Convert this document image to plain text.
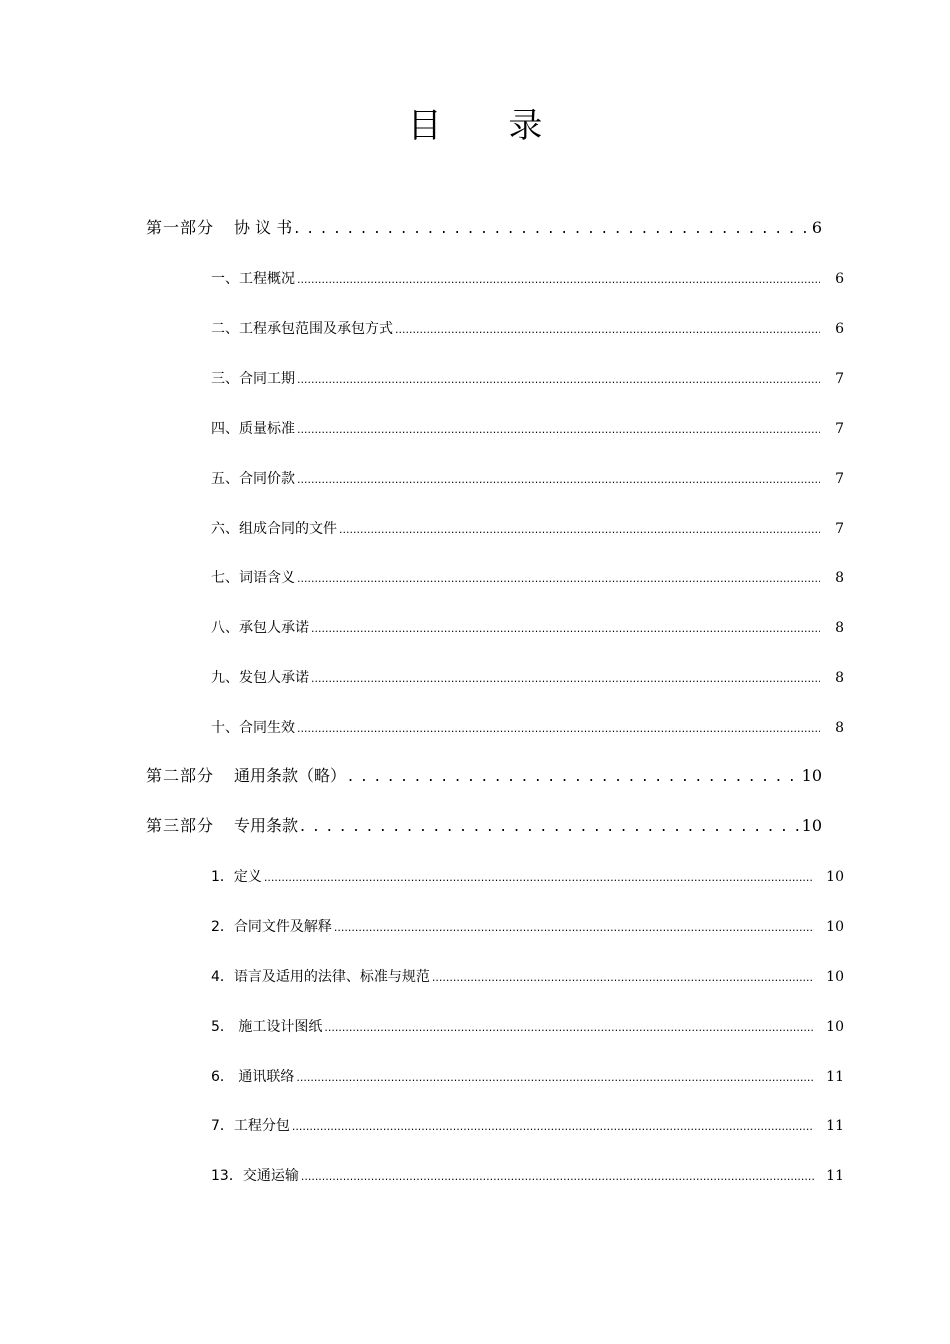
目 录
第一部分 协 议 书 . . .	6
一、工程概况 .....	6
二、工程承包范围及承包方式 .....	6
三、合同工期 .....	7
四、质量标准 .....	7
五、合同价款 .....	7
六、组成合同的文件 .....	7
七、词语含义 .....	8
八、承包人承诺 .....	8
九、发包人承诺 .....	8
十、合同生效 .....	8
第二部分 通用条款（略） . . .	10
第三部分 专用条款 . . .	10
1．定义 .....	10
2．合同文件及解释 .....	10
4．语言及适用的法律、标准与规范 .....	10
5． 施工设计图纸 .....	10
6． 通讯联络 .....	11
7．工程分包 .....	11
13．交通运输 .....	11
